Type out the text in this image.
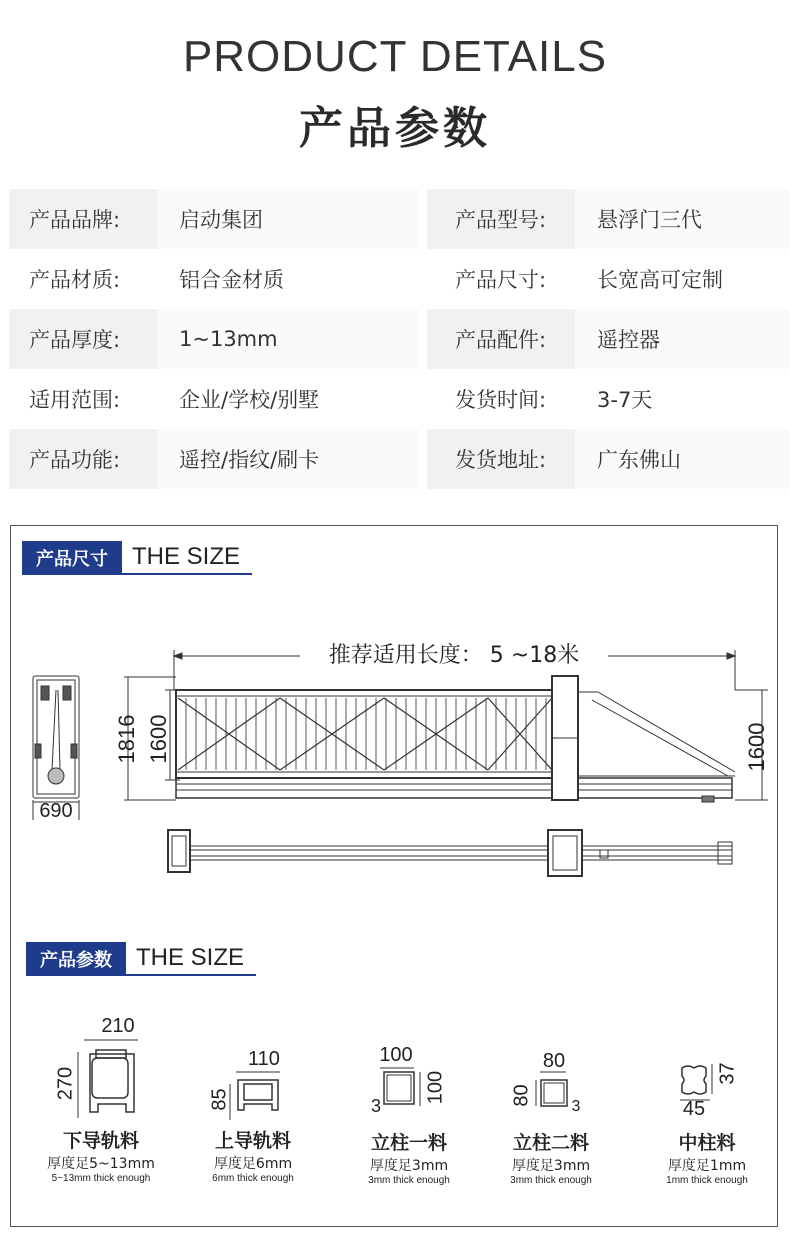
PRODUCT DETAILS
产品参数
产品品牌:	启动集团	产品型号:	悬浮门三代
产品材质:	铝合金材质	产品尺寸:	长宽高可定制
产品厚度:	1~13mm	产品配件:	遥控器
适用范围:	企业/学校/别墅	发货时间:	3-7天
产品功能:	遥控/指纹/刷卡	发货地址:	广东佛山
产品尺寸	THE SIZE
推荐适用长度： 5 ~18米
690
1816 1600	1600
产品参数	THE SIZE
210
270
110
85
100
100
3
80
80 3	45
37
下导轨料
厚度足5~13mm
5~13mm thick enough
上导轨料
厚度足6mm
6mm thick enough
立柱一料
厚度足3mm
3mm thick enough
立柱二料
厚度足3mm
3mm thick enough
中柱料
厚度足1mm
1mm thick enough
